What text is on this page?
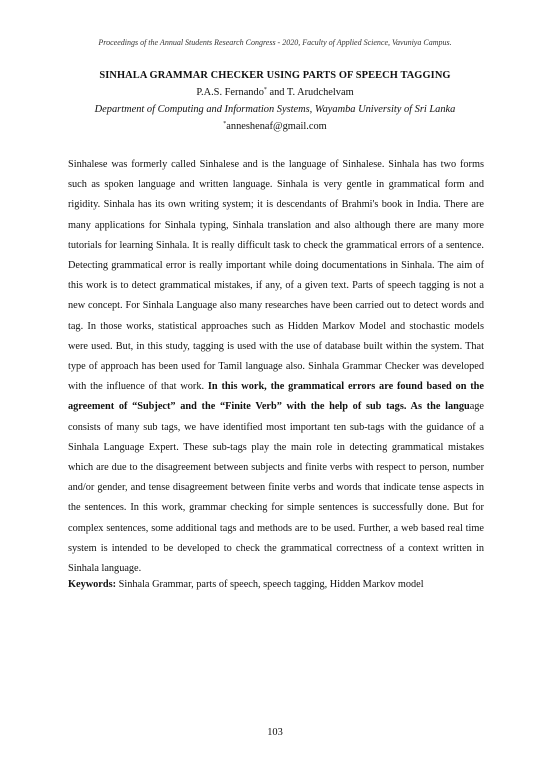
Proceedings of the Annual Students Research Congress - 2020, Faculty of Applied Science, Vavuniya Campus.
SINHALA GRAMMAR CHECKER USING PARTS OF SPEECH TAGGING
P.A.S. Fernando* and T. Arudchelvam
Department of Computing and Information Systems, Wayamba University of Sri Lanka
*anneshenaf@gmail.com

Sinhalese was formerly called Sinhalese and is the language of Sinhalese. Sinhala has two forms such as spoken language and written language. Sinhala is very gentle in grammatical form and rigidity. Sinhala has its own writing system; it is descendants of Brahmi's book in India. There are many applications for Sinhala typing, Sinhala translation and also although there are many more tutorials for learning Sinhala. It is really difficult task to check the grammatical errors of a sentence. Detecting grammatical error is really important while doing documentations in Sinhala. The aim of this work is to detect grammatical mistakes, if any, of a given text. Parts of speech tagging is not a new concept. For Sinhala Language also many researches have been carried out to detect words and tag. In those works, statistical approaches such as Hidden Markov Model and stochastic models were used. But, in this study, tagging is used with the use of database built within the system. That type of approach has been used for Tamil language also. Sinhala Grammar Checker was developed with the influence of that work. In this work, the grammatical errors are found based on the agreement of “Subject” and the “Finite Verb” with the help of sub tags. As the language consists of many sub tags, we have identified most important ten sub-tags with the guidance of a Sinhala Language Expert. These sub-tags play the main role in detecting grammatical mistakes which are due to the disagreement between subjects and finite verbs with respect to person, number and/or gender, and tense disagreement between finite verbs and words that indicate tense aspects in the sentences. In this work, grammar checking for simple sentences is successfully done. But for complex sentences, some additional tags and methods are to be used. Further, a web based real time system is intended to be developed to check the grammatical correctness of a context written in Sinhala language.

Keywords: Sinhala Grammar, parts of speech, speech tagging, Hidden Markov model

103
